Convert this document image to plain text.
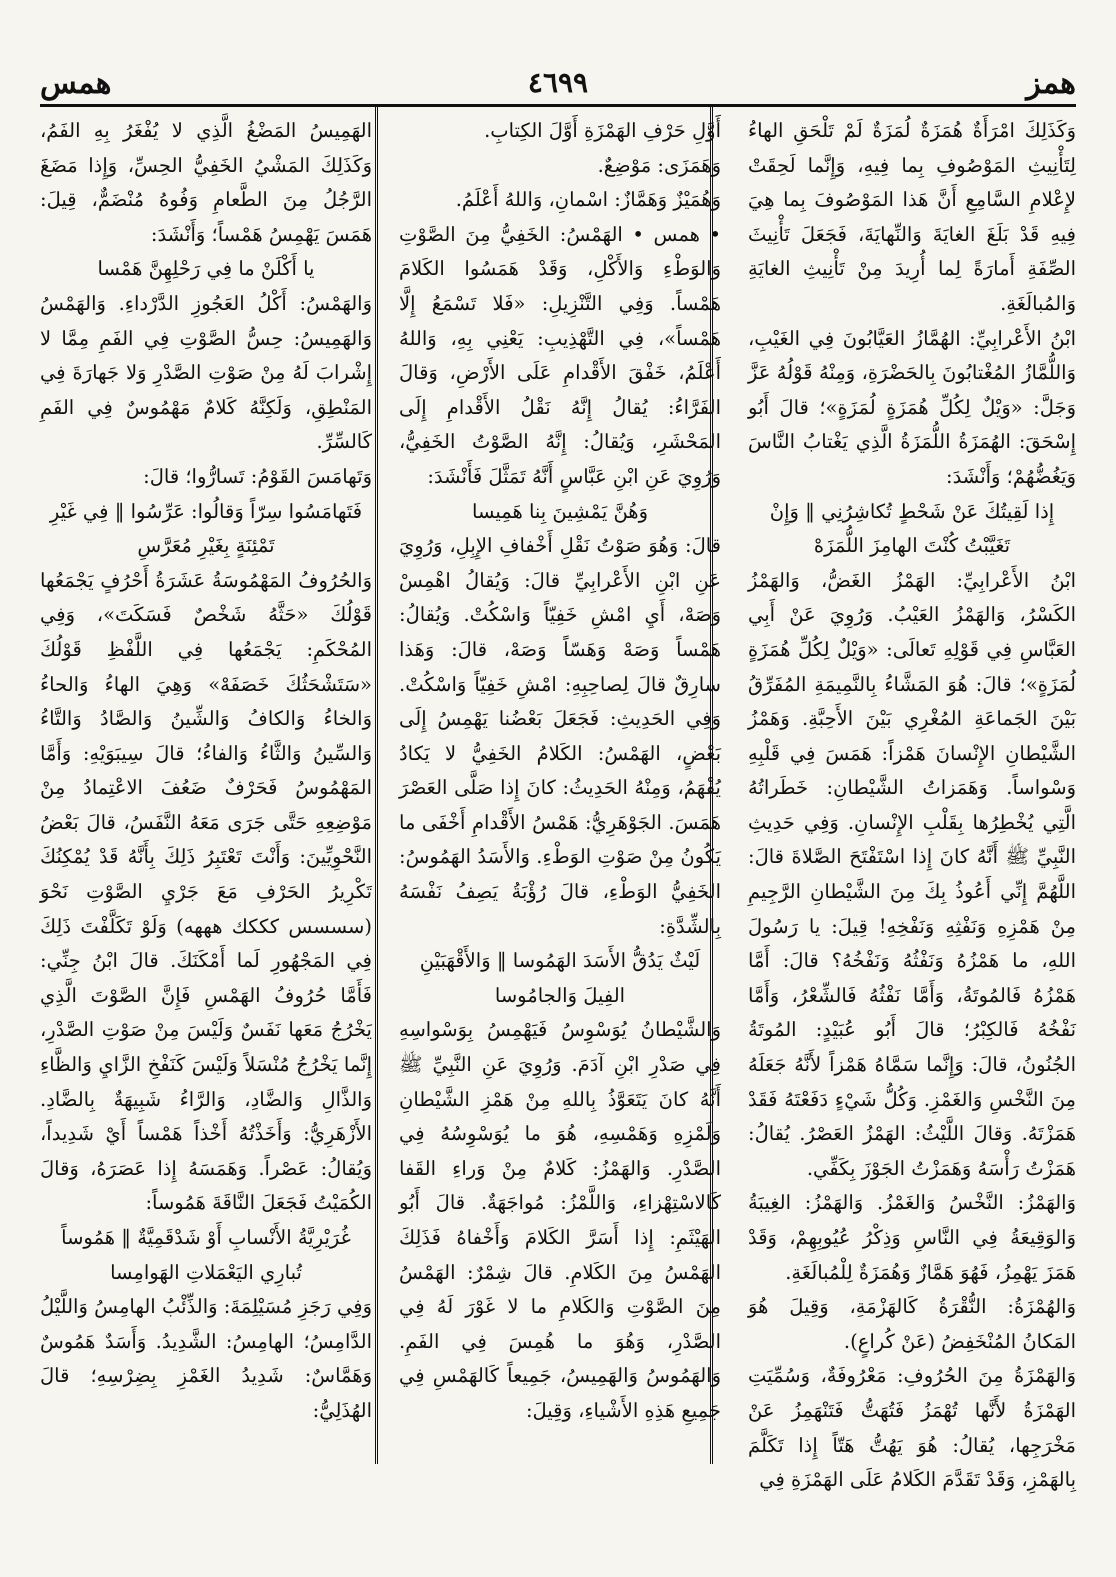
همز
٤٦٩٩
همس

وَكَذَلِكَ امْرَأَةٌ هُمَزَةٌ لُمَزَةٌ لَمْ تَلْحَقِ الهاءُ لِتَأْنِيثِ المَوْصُوفِ بِما فِيهِ، وَإِنَّما لَحِقَتْ لإِعْلامِ السَّامِعِ أَنَّ هَذا المَوْصُوفَ بِما هِيَ فِيهِ قَدْ بَلَغَ الغايَةَ وَالنِّهايَةَ، فَجَعَلَ تَأْنِيثَ الصِّفَةِ أَمارَةً لِما أُرِيدَ مِنْ تَأْنِيثِ الغايَةِ وَالمُبالَغَةِ.

ابْنُ الأَعْرابِيِّ: الهُمَّازُ العَيَّابُونَ فِي الغَيْبِ، وَاللُّمَّازُ المُغْتابُونَ بِالحَضْرَةِ، وَمِنْهُ قَوْلُهُ عَزَّ وَجَلَّ: «وَيْلٌ لِكُلِّ هُمَزَةٍ لُمَزَةٍ»؛ قالَ أَبُو إِسْحَقَ: الهُمَزَةُ اللُّمَزَةُ الَّذِي يَغْتابُ النَّاسَ وَيَغُضُّهُمْ؛ وَأَنْشَدَ:

إِذا لَقِيتُكَ عَنْ شَحْطٍ تُكاشِرُنِي ‖ وَإِنْ تَغَيَّبْتُ كُنْتَ الهامِزَ اللُّمَزَهْ

ابْنُ الأَعْرابِيِّ: الهَمْزُ الغَضُّ، وَالهَمْزُ الكَسْرُ، وَالهَمْزُ العَيْبُ. وَرُوِيَ عَنْ أَبِي العَبَّاسِ فِي قَوْلِهِ تَعالَى: «وَيْلٌ لِكُلِّ هُمَزَةٍ لُمَزَةٍ»؛ قالَ: هُوَ المَشَّاءُ بِالنَّمِيمَةِ المُفَرِّقُ بَيْنَ الجَماعَةِ المُغْرِي بَيْنَ الأَحِبَّةِ. وَهَمْزُ الشَّيْطانِ الإِنْسانَ هَمْزاً: هَمَسَ فِي قَلْبِهِ وَسْواساً. وَهَمَزاتُ الشَّيْطانِ: خَطَراتُهُ الَّتِي يُخْطِرُها بِقَلْبِ الإِنْسانِ. وَفِي حَدِيثِ النَّبِيِّ ﷺ أَنَّهُ كانَ إِذا اسْتَفْتَحَ الصَّلاةَ قالَ: اللَّهُمَّ إِنِّي أَعُوذُ بِكَ مِنَ الشَّيْطانِ الرَّجِيمِ مِنْ هَمْزِهِ وَنَفْثِهِ وَنَفْخِهِ! قِيلَ: يا رَسُولَ اللهِ، ما هَمْزُهُ وَنَفْثُهُ وَنَفْخُهُ؟ قالَ: أَمَّا هَمْزُهُ فَالمُوتَةُ، وَأَمَّا نَفْثُهُ فَالشِّعْرُ، وَأَمَّا نَفْخُهُ فَالكِبْرُ؛ قالَ أَبُو عُبَيْدٍ: المُوتَةُ الجُنُونُ، قالَ: وَإِنَّما سَمَّاهُ هَمْزاً لأَنَّهُ جَعَلَهُ مِنَ النَّخْسِ وَالغَمْزِ. وَكُلُّ شَيْءٍ دَفَعْتَهُ فَقَدْ هَمَزْتَهُ. وَقالَ اللَّيْثُ: الهَمْزُ العَصْرُ. يُقالُ: هَمَزْتُ رَأْسَهُ وَهَمَزْتُ الجَوْزَ بِكَفِّي.

وَالهَمْزُ: النَّخْسُ وَالغَمْزُ. وَالهَمْزُ: الغِيبَةُ وَالوَقِيعَةُ فِي النَّاسِ وَذِكْرُ عُيُوبِهِمْ، وَقَدْ هَمَزَ يَهْمِزُ، فَهُوَ هَمَّازٌ وَهُمَزَةٌ لِلْمُبالَغَةِ.

وَالهُمْزَةُ: النُّقْرَةُ كَالهَزْمَةِ، وَقِيلَ هُوَ المَكانُ المُنْخَفِضُ (عَنْ كُراعٍ).

وَالهَمْزَةُ مِنَ الحُرُوفِ: مَعْرُوفَةٌ، وَسُمِّيَتِ الهَمْزَةُ لأَنَّها تُهْمَزُ فَتُهَتُّ فَتَنْهَمِزُ عَنْ مَخْرَجِها، يُقالُ: هُوَ يَهُتُّ هَتّاً إِذا تَكَلَّمَ بِالهَمْزِ، وَقَدْ تَقَدَّمَ الكَلامُ عَلَى الهَمْزَةِ فِي

أَوَّلِ حَرْفِ الهَمْزَةِ أَوَّلَ الكِتابِ.

وَهَمَزَى: مَوْضِعٌ.

وَهُمَيْزٌ وَهَمَّازٌ: اسْمانِ، وَاللهُ أَعْلَمُ.

• همس • الهَمْسُ: الخَفِيُّ مِنَ الصَّوْتِ وَالوَطْءِ وَالأَكْلِ، وَقَدْ هَمَسُوا الكَلامَ هَمْساً. وَفِي التَّنْزِيلِ: «فَلا تَسْمَعُ إِلَّا هَمْساً»، فِي التَّهْذِيبِ: يَعْنِي بِهِ، وَاللهُ أَعْلَمُ، خَفْقَ الأَقْدامِ عَلَى الأَرْضِ، وَقالَ الفَرَّاءُ: يُقالُ إِنَّهُ نَقْلُ الأَقْدامِ إِلَى المَحْشَرِ، وَيُقالُ: إِنَّهُ الصَّوْتُ الخَفِيُّ، وَرُوِيَ عَنِ ابْنِ عَبَّاسٍ أَنَّهُ تَمَثَّلَ فَأَنْشَدَ:

وَهُنَّ يَمْشِينَ بِنا هَمِيسا

قالَ: وَهُوَ صَوْتُ نَقْلِ أَخْفافِ الإِبِلِ، وَرُوِيَ عَنِ ابْنِ الأَعْرابِيِّ قالَ: وَيُقالُ اهْمِسْ وَصَهْ، أَيِ امْشِ خَفِيّاً وَاسْكُتْ. وَيُقالُ: هَمْساً وَصَهْ وَهَسّاً وَصَهْ، قالَ: وَهَذا سارِقٌ قالَ لِصاحِبِهِ: امْشِ خَفِيّاً وَاسْكُتْ. وَفِي الحَدِيثِ: فَجَعَلَ بَعْضُنا يَهْمِسُ إِلَى بَعْضٍ، الهَمْسُ: الكَلامُ الخَفِيُّ لا يَكادُ يُفْهَمُ، وَمِنْهُ الحَدِيثُ: كانَ إِذا صَلَّى العَصْرَ هَمَسَ. الجَوْهَرِيُّ: هَمْسُ الأَقْدامِ أَخْفَى ما يَكُونُ مِنْ صَوْتِ الوَطْءِ. وَالأَسَدُ الهَمُوسُ: الخَفِيُّ الوَطْءِ، قالَ رُؤْبَةُ يَصِفُ نَفْسَهُ بِالشِّدَّةِ:

لَيْثٌ يَدُقُّ الأَسَدَ الهَمُوسا ‖ وَالأَقْهَبَيْنِ الفِيلَ وَالجامُوسا

وَالشَّيْطانُ يُوَسْوِسُ فَيَهْمِسُ بِوَسْواسِهِ فِي صَدْرِ ابْنِ آدَمَ. وَرُوِيَ عَنِ النَّبِيِّ ﷺ أَنَّهُ كانَ يَتَعَوَّذُ بِاللهِ مِنْ هَمْزِ الشَّيْطانِ وَلَمْزِهِ وَهَمْسِهِ، هُوَ ما يُوَسْوِسُهُ فِي الصَّدْرِ. وَالهَمْزُ: كَلامٌ مِنْ وَراءِ القَفا كَالاسْتِهْزاءِ، وَاللَّمْزُ: مُواجَهَةٌ. قالَ أَبُو الهَيْثَمِ: إِذا أَسَرَّ الكَلامَ وَأَخْفاهُ فَذَلِكَ الهَمْسُ مِنَ الكَلامِ. قالَ شِمْرٌ: الهَمْسُ مِنَ الصَّوْتِ وَالكَلامِ ما لا غَوْرَ لَهُ فِي الصَّدْرِ، وَهُوَ ما هُمِسَ فِي الفَمِ. وَالهَمُوسُ وَالهَمِيسُ، جَمِيعاً كَالهَمْسِ فِي جَمِيعِ هَذِهِ الأَشْياءِ، وَقِيلَ:

الهَمِيسُ المَضْغُ الَّذِي لا يُفْغَرُ بِهِ الفَمُ، وَكَذَلِكَ المَشْيُ الخَفِيُّ الحِسِّ، وَإِذا مَضَغَ الرَّجُلُ مِنَ الطَّعامِ وَفُوهُ مُنْضَمٌّ، قِيلَ: هَمَسَ يَهْمِسُ هَمْساً؛ وَأَنْشَدَ:

يا أَكْلَنْ ما فِي رَحْلِهِنَّ هَمْسا

وَالهَمْسُ: أَكْلُ العَجُوزِ الدَّرْداءِ. وَالهَمْسُ وَالهَمِيسُ: حِسُّ الصَّوْتِ فِي الفَمِ مِمَّا لا إِشْرابَ لَهُ مِنْ صَوْتِ الصَّدْرِ وَلا جَهارَةَ فِي المَنْطِقِ، وَلَكِنَّهُ كَلامٌ مَهْمُوسٌ فِي الفَمِ كَالسِّرِّ.

وَتَهامَسَ القَوْمُ: تَسارُّوا؛ قالَ:

فَتَهامَسُوا سِرّاً وَقالُوا: عَرِّسُوا ‖ فِي غَيْرِ تَمْئِنَةٍ بِغَيْرِ مُعَرَّسِ

وَالحُرُوفُ المَهْمُوسَةُ عَشَرَةُ أَحْرُفٍ يَجْمَعُها قَوْلُكَ «حَثَّهُ شَخْصٌ فَسَكَتَ»، وَفِي المُحْكَمِ: يَجْمَعُها فِي اللَّفْظِ قَوْلُكَ «سَتَشْحَثُكَ خَصَفَهْ» وَهِيَ الهاءُ وَالحاءُ وَالخاءُ وَالكافُ وَالشِّينُ وَالصَّادُ وَالتَّاءُ وَالسِّينُ وَالثَّاءُ وَالفاءُ؛ قالَ سِيبَوَيْهِ: وَأَمَّا المَهْمُوسُ فَحَرْفٌ ضَعُفَ الاعْتِمادُ مِنْ مَوْضِعِهِ حَتَّى جَرَى مَعَهُ النَّفَسُ، قالَ بَعْضُ النَّحْوِيِّينَ: وَأَنْتَ تَعْتَبِرُ ذَلِكَ بِأَنَّهُ قَدْ يُمْكِنُكَ تَكْرِيرُ الحَرْفِ مَعَ جَرْيِ الصَّوْتِ نَحْوَ (سسسس كككك هههه) وَلَوْ تَكَلَّفْتَ ذَلِكَ فِي المَجْهُورِ لَما أَمْكَنَكَ. قالَ ابْنُ جِنِّي: فَأَمَّا حُرُوفُ الهَمْسِ فَإِنَّ الصَّوْتَ الَّذِي يَخْرُجُ مَعَها نَفَسٌ وَلَيْسَ مِنْ صَوْتِ الصَّدْرِ، إِنَّما يَخْرُجُ مُنْسَلاً وَلَيْسَ كَنَفْخِ الزَّايِ وَالظَّاءِ وَالذَّالِ وَالضَّادِ، وَالرَّاءُ شَبِيهَةٌ بِالضَّادِ. الأَزْهَرِيُّ: وَأَخَذْتُهُ أَخْذاً هَمْساً أَيْ شَدِيداً، وَيُقالُ: عَصْراً. وَهَمَسَهُ إِذا عَصَرَهُ، وَقالَ الكُمَيْتُ فَجَعَلَ النَّاقَةَ هَمُوساً:

غُرَيْرِيَّةُ الأَنْسابِ أَوْ شَدْقَمِيَّةٌ ‖ هَمُوساً تُبارِي اليَعْمَلاتِ الهَوامِسا

وَفِي رَجَزِ مُسَيْلِمَةَ: وَالذِّئْبُ الهامِسُ وَاللَّيْلُ الدَّامِسُ؛ الهامِسُ: الشَّدِيدُ. وَأَسَدٌ هَمُوسٌ وَهَمَّاسٌ: شَدِيدُ الغَمْزِ بِضِرْسِهِ؛ قالَ الهُذَلِيُّ:
